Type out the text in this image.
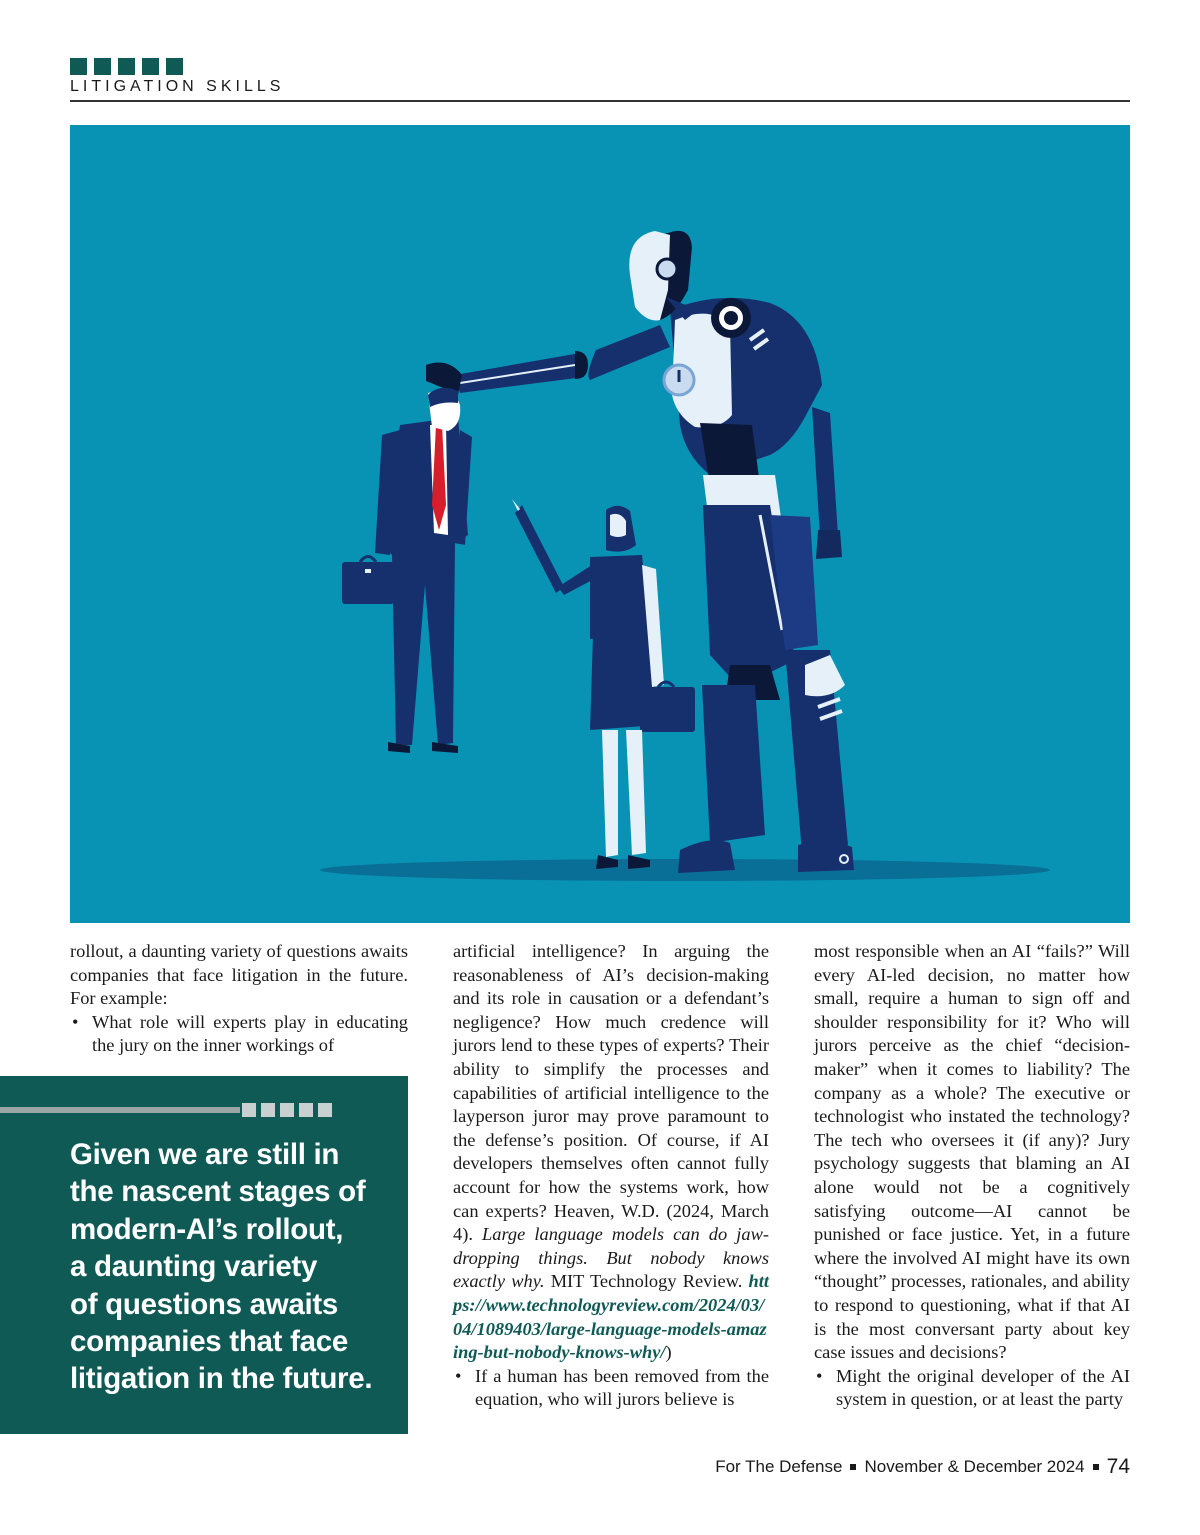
LITIGATION SKILLS

rollout, a daunting variety of questions awaits companies that face litigation in the future. For example:

• What role will experts play in educating the jury on the inner workings of

Given we are still in
the nascent stages of
modern-AI’s rollout,
a daunting variety
of questions awaits
companies that face
litigation in the future.

artificial intelligence? In arguing the reasonableness of AI’s decision-making and its role in causation or a defendant’s negligence? How much credence will jurors lend to these types of experts? Their ability to simplify the processes and capabilities of artificial intelligence to the layperson juror may prove paramount to the defense’s position. Of course, if AI developers themselves often cannot fully account for how the systems work, how can experts? Heaven, W.D. (2024, March 4). Large language models can do jaw-dropping things. But nobody knows exactly why. MIT Technology Review. https://www.technologyreview.com/2024/03/04/1089403/large-language-models-amazing-but-nobody-knows-why/)

• If a human has been removed from the equation, who will jurors believe is

most responsible when an AI “fails?” Will every AI-led decision, no matter how small, require a human to sign off and shoulder responsibility for it? Who will jurors perceive as the chief “decision-maker” when it comes to liability? The company as a whole? The executive or technologist who instated the technology? The tech who oversees it (if any)? Jury psychology suggests that blaming an AI alone would not be a cognitively satisfying outcome—AI cannot be punished or face justice. Yet, in a future where the involved AI might have its own “thought” processes, rationales, and ability to respond to questioning, what if that AI is the most conversant party about key case issues and decisions?

• Might the original developer of the AI system in question, or at least the party
For The Defense November & December 2024 74
